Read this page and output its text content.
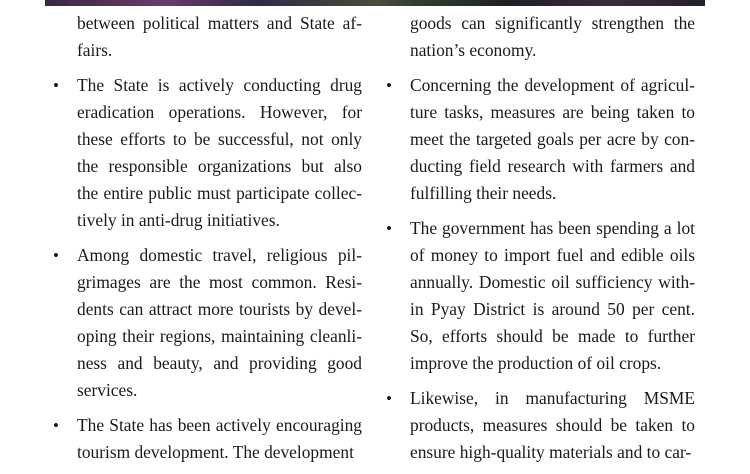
between political matters and State af-fairs.

• The State is actively conducting drug eradication operations. However, for these efforts to be successful, not only the responsible organizations but also the entire public must participate collec-tively in anti-drug initiatives.
• Among domestic travel, religious pil-grimages are the most common. Resi-dents can attract more tourists by devel-oping their regions, maintaining cleanli-ness and beauty, and providing good services.
• The State has been actively encouraging tourism development. The development

goods can significantly strengthen the nation’s economy.

• Concerning the development of agricul-ture tasks, measures are being taken to meet the targeted goals per acre by con-ducting field research with farmers and fulfilling their needs.
• The government has been spending a lot of money to import fuel and edible oils annually. Domestic oil sufficiency with-in Pyay District is around 50 per cent. So, efforts should be made to further improve the production of oil crops.
• Likewise, in manufacturing MSME products, measures should be taken to ensure high-quality materials and to car-
